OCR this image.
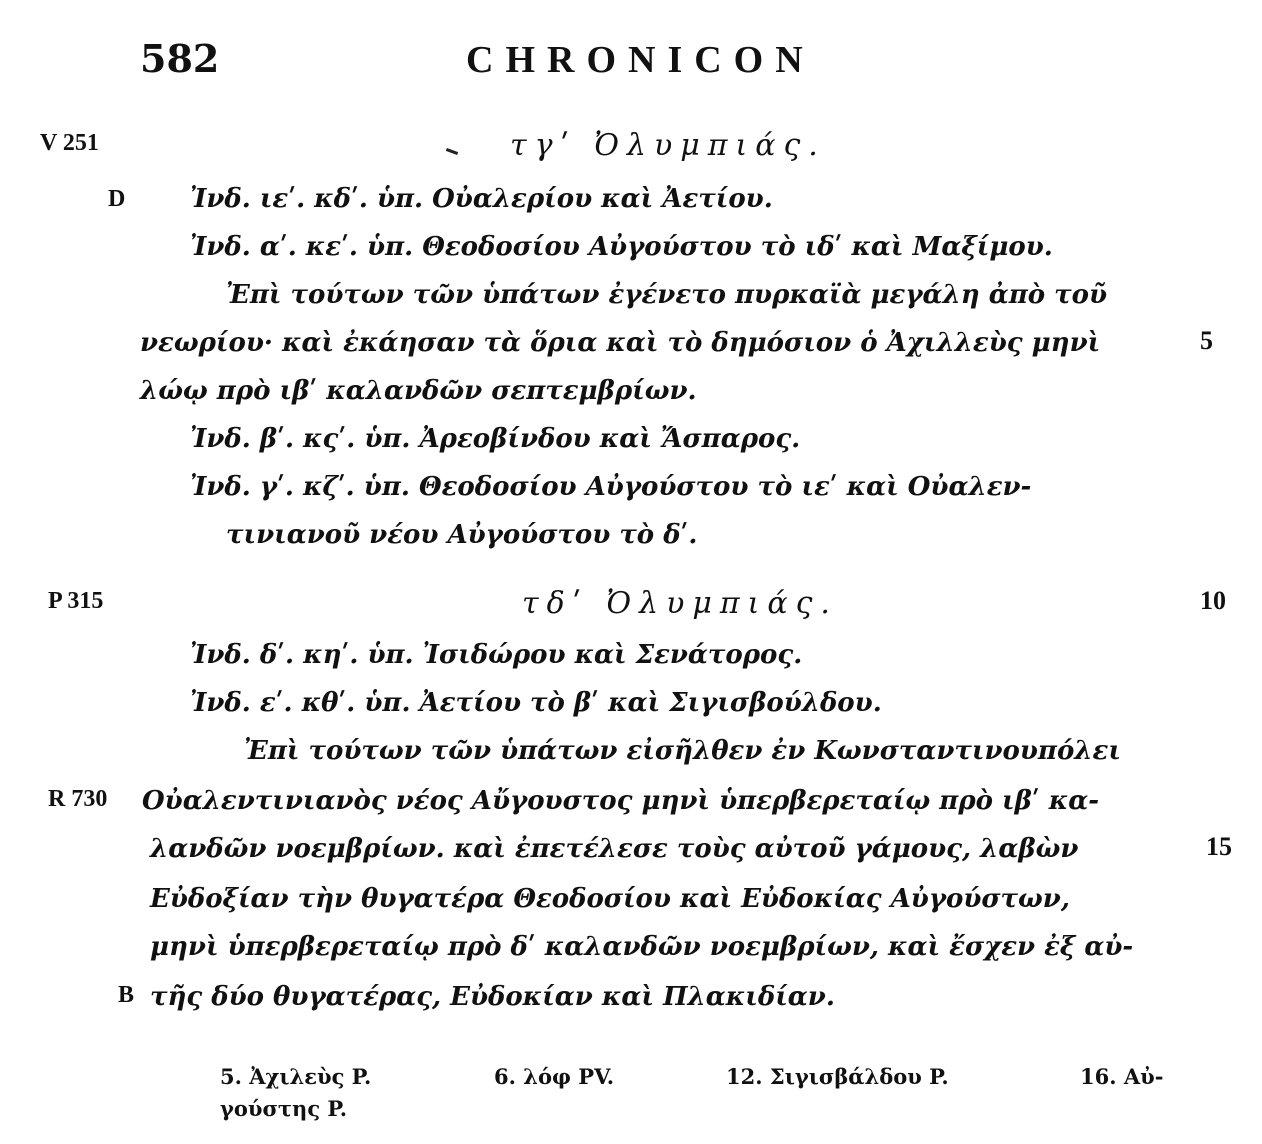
582	CHRONICON
V 251
D
P 315
R 730
B
5
10
15
τγʹ Ὀλυμπιάς.
Ἰνδ. ιεʹ. κδʹ. ὑπ. Οὐαλερίου καὶ Ἀετίου.
Ἰνδ. αʹ. κεʹ. ὑπ. Θεοδοσίου Αὐγούστου τὸ ιδʹ καὶ Μαξίμου.
Ἐπὶ τούτων τῶν ὑπάτων ἐγένετο πυρκαϊὰ μεγάλη ἀπὸ τοῦ
νεωρίου· καὶ ἐκάησαν τὰ ὅρια καὶ τὸ δημόσιον ὁ Ἀχιλλεὺς μηνὶ
λώῳ πρὸ ιβʹ καλανδῶν σεπτεμβρίων.
Ἰνδ. βʹ. κςʹ. ὑπ. Ἀρεοβίνδου καὶ Ἄσπαρος.
Ἰνδ. γʹ. κζʹ. ὑπ. Θεοδοσίου Αὐγούστου τὸ ιεʹ καὶ Οὐαλεν-
τινιανοῦ νέου Αὐγούστου τὸ δʹ.
τδʹ Ὀλυμπιάς.
Ἰνδ. δʹ. κηʹ. ὑπ. Ἰσιδώρου καὶ Σενάτορος.
Ἰνδ. εʹ. κθʹ. ὑπ. Ἀετίου τὸ βʹ καὶ Σιγισβούλδου.
Ἐπὶ τούτων τῶν ὑπάτων εἰσῆλθεν ἐν Κωνσταντινουπόλει
Οὐαλεντινιανὸς νέος Αὔγουστος μηνὶ ὑπερβερεταίῳ πρὸ ιβʹ κα-
λανδῶν νοεμβρίων. καὶ ἐπετέλεσε τοὺς αὐτοῦ γάμους, λαβὼν
Εὐδοξίαν τὴν θυγατέρα Θεοδοσίου καὶ Εὐδοκίας Αὐγούστων,
μηνὶ ὑπερβερεταίῳ πρὸ δʹ καλανδῶν νοεμβρίων, καὶ ἔσχεν ἐξ αὐ-
τῆς δύο θυγατέρας, Εὐδοκίαν καὶ Πλακιδίαν.
5. Ἀχιλεὺς P.	6. λόφ PV.	12. Σιγισβάλδου P.	16. Αὐ-
γούστης P.
